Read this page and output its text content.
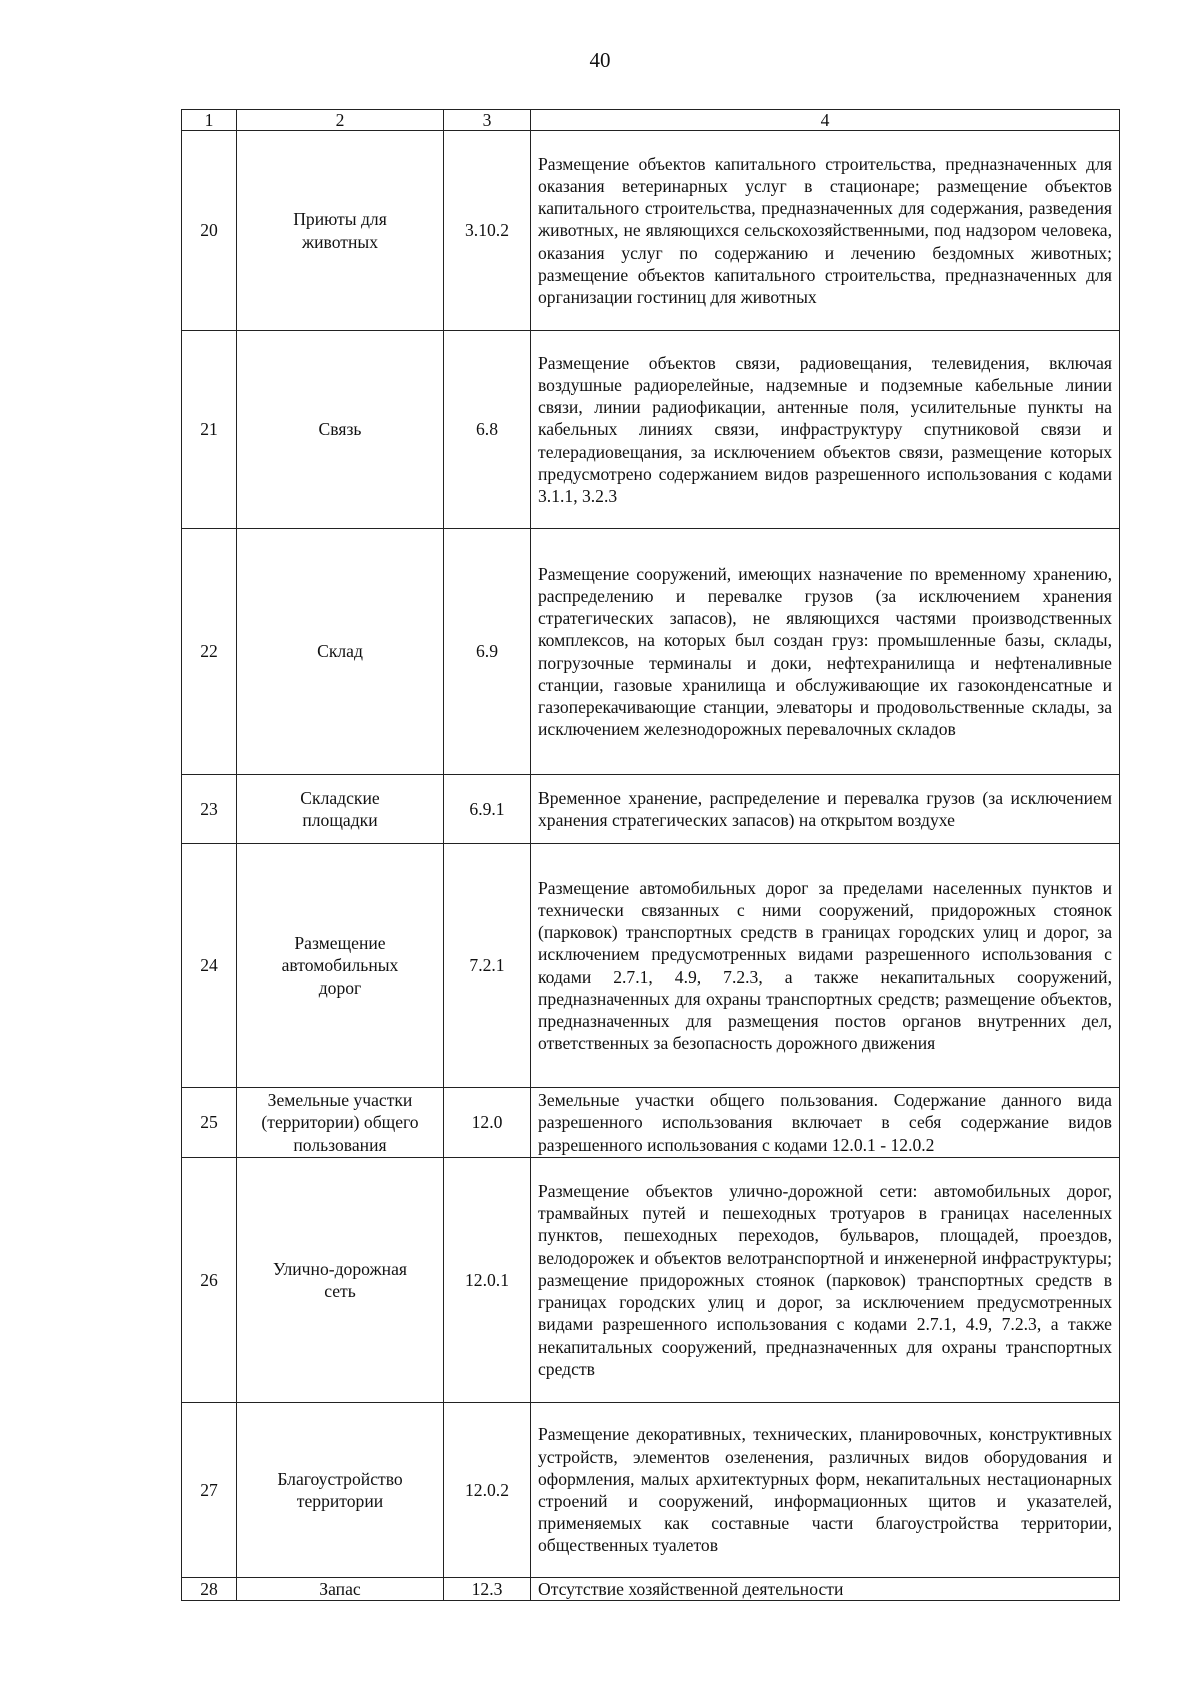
40
1	2	3	4
20	Приюты для животных	3.10.2	Размещение объектов капитального строительства, предназначенных для оказания ветеринарных услуг в стационаре; размещение объектов капитального строительства, предназначенных для содержания, разведения животных, не являющихся сельскохозяйственными, под надзором человека, оказания услуг по содержанию и лечению бездомных животных; размещение объектов капитального строительства, предназначенных для организации гостиниц для животных
21	Связь	6.8	Размещение объектов связи, радиовещания, телевидения, включая воздушные радиорелейные, надземные и подземные кабельные линии связи, линии радиофикации, антенные поля, усилительные пункты на кабельных линиях связи, инфраструктуру спутниковой связи и телерадиовещания, за исключением объектов связи, размещение которых предусмотрено содержанием видов разрешенного использования с кодами 3.1.1, 3.2.3
22	Склад	6.9	Размещение сооружений, имеющих назначение по временному хранению, распределению и перевалке грузов (за исключением хранения стратегических запасов), не являющихся частями производственных комплексов, на которых был создан груз: промышленные базы, склады, погрузочные терминалы и доки, нефтехранилища и нефтеналивные станции, газовые хранилища и обслуживающие их газоконденсатные и газоперекачивающие станции, элеваторы и продовольственные склады, за исключением железнодорожных перевалочных складов
23	Складские площадки	6.9.1	Временное хранение, распределение и перевалка грузов (за исключением хранения стратегических запасов) на открытом воздухе
24	Размещение автомобильных дорог	7.2.1	Размещение автомобильных дорог за пределами населенных пунктов и технически связанных с ними сооружений, придорожных стоянок (парковок) транспортных средств в границах городских улиц и дорог, за исключением предусмотренных видами разрешенного использования с кодами 2.7.1, 4.9, 7.2.3, а также некапитальных сооружений, предназначенных для охраны транспортных средств; размещение объектов, предназначенных для размещения постов органов внутренних дел, ответственных за безопасность дорожного движения
25	Земельные участки (территории) общего пользования	12.0	Земельные участки общего пользования. Содержание данного вида разрешенного использования включает в себя содержание видов разрешенного использования с кодами 12.0.1 - 12.0.2
26	Улично-дорожная сеть	12.0.1	Размещение объектов улично-дорожной сети: автомобильных дорог, трамвайных путей и пешеходных тротуаров в границах населенных пунктов, пешеходных переходов, бульваров, площадей, проездов, велодорожек и объектов велотранспортной и инженерной инфраструктуры; размещение придорожных стоянок (парковок) транспортных средств в границах городских улиц и дорог, за исключением предусмотренных видами разрешенного использования с кодами 2.7.1, 4.9, 7.2.3, а также некапитальных сооружений, предназначенных для охраны транспортных средств
27	Благоустройство территории	12.0.2	Размещение декоративных, технических, планировочных, конструктивных устройств, элементов озеленения, различных видов оборудования и оформления, малых архитектурных форм, некапитальных нестационарных строений и сооружений, информационных щитов и указателей, применяемых как составные части благоустройства территории, общественных туалетов
28	Запас	12.3	Отсутствие хозяйственной деятельности
